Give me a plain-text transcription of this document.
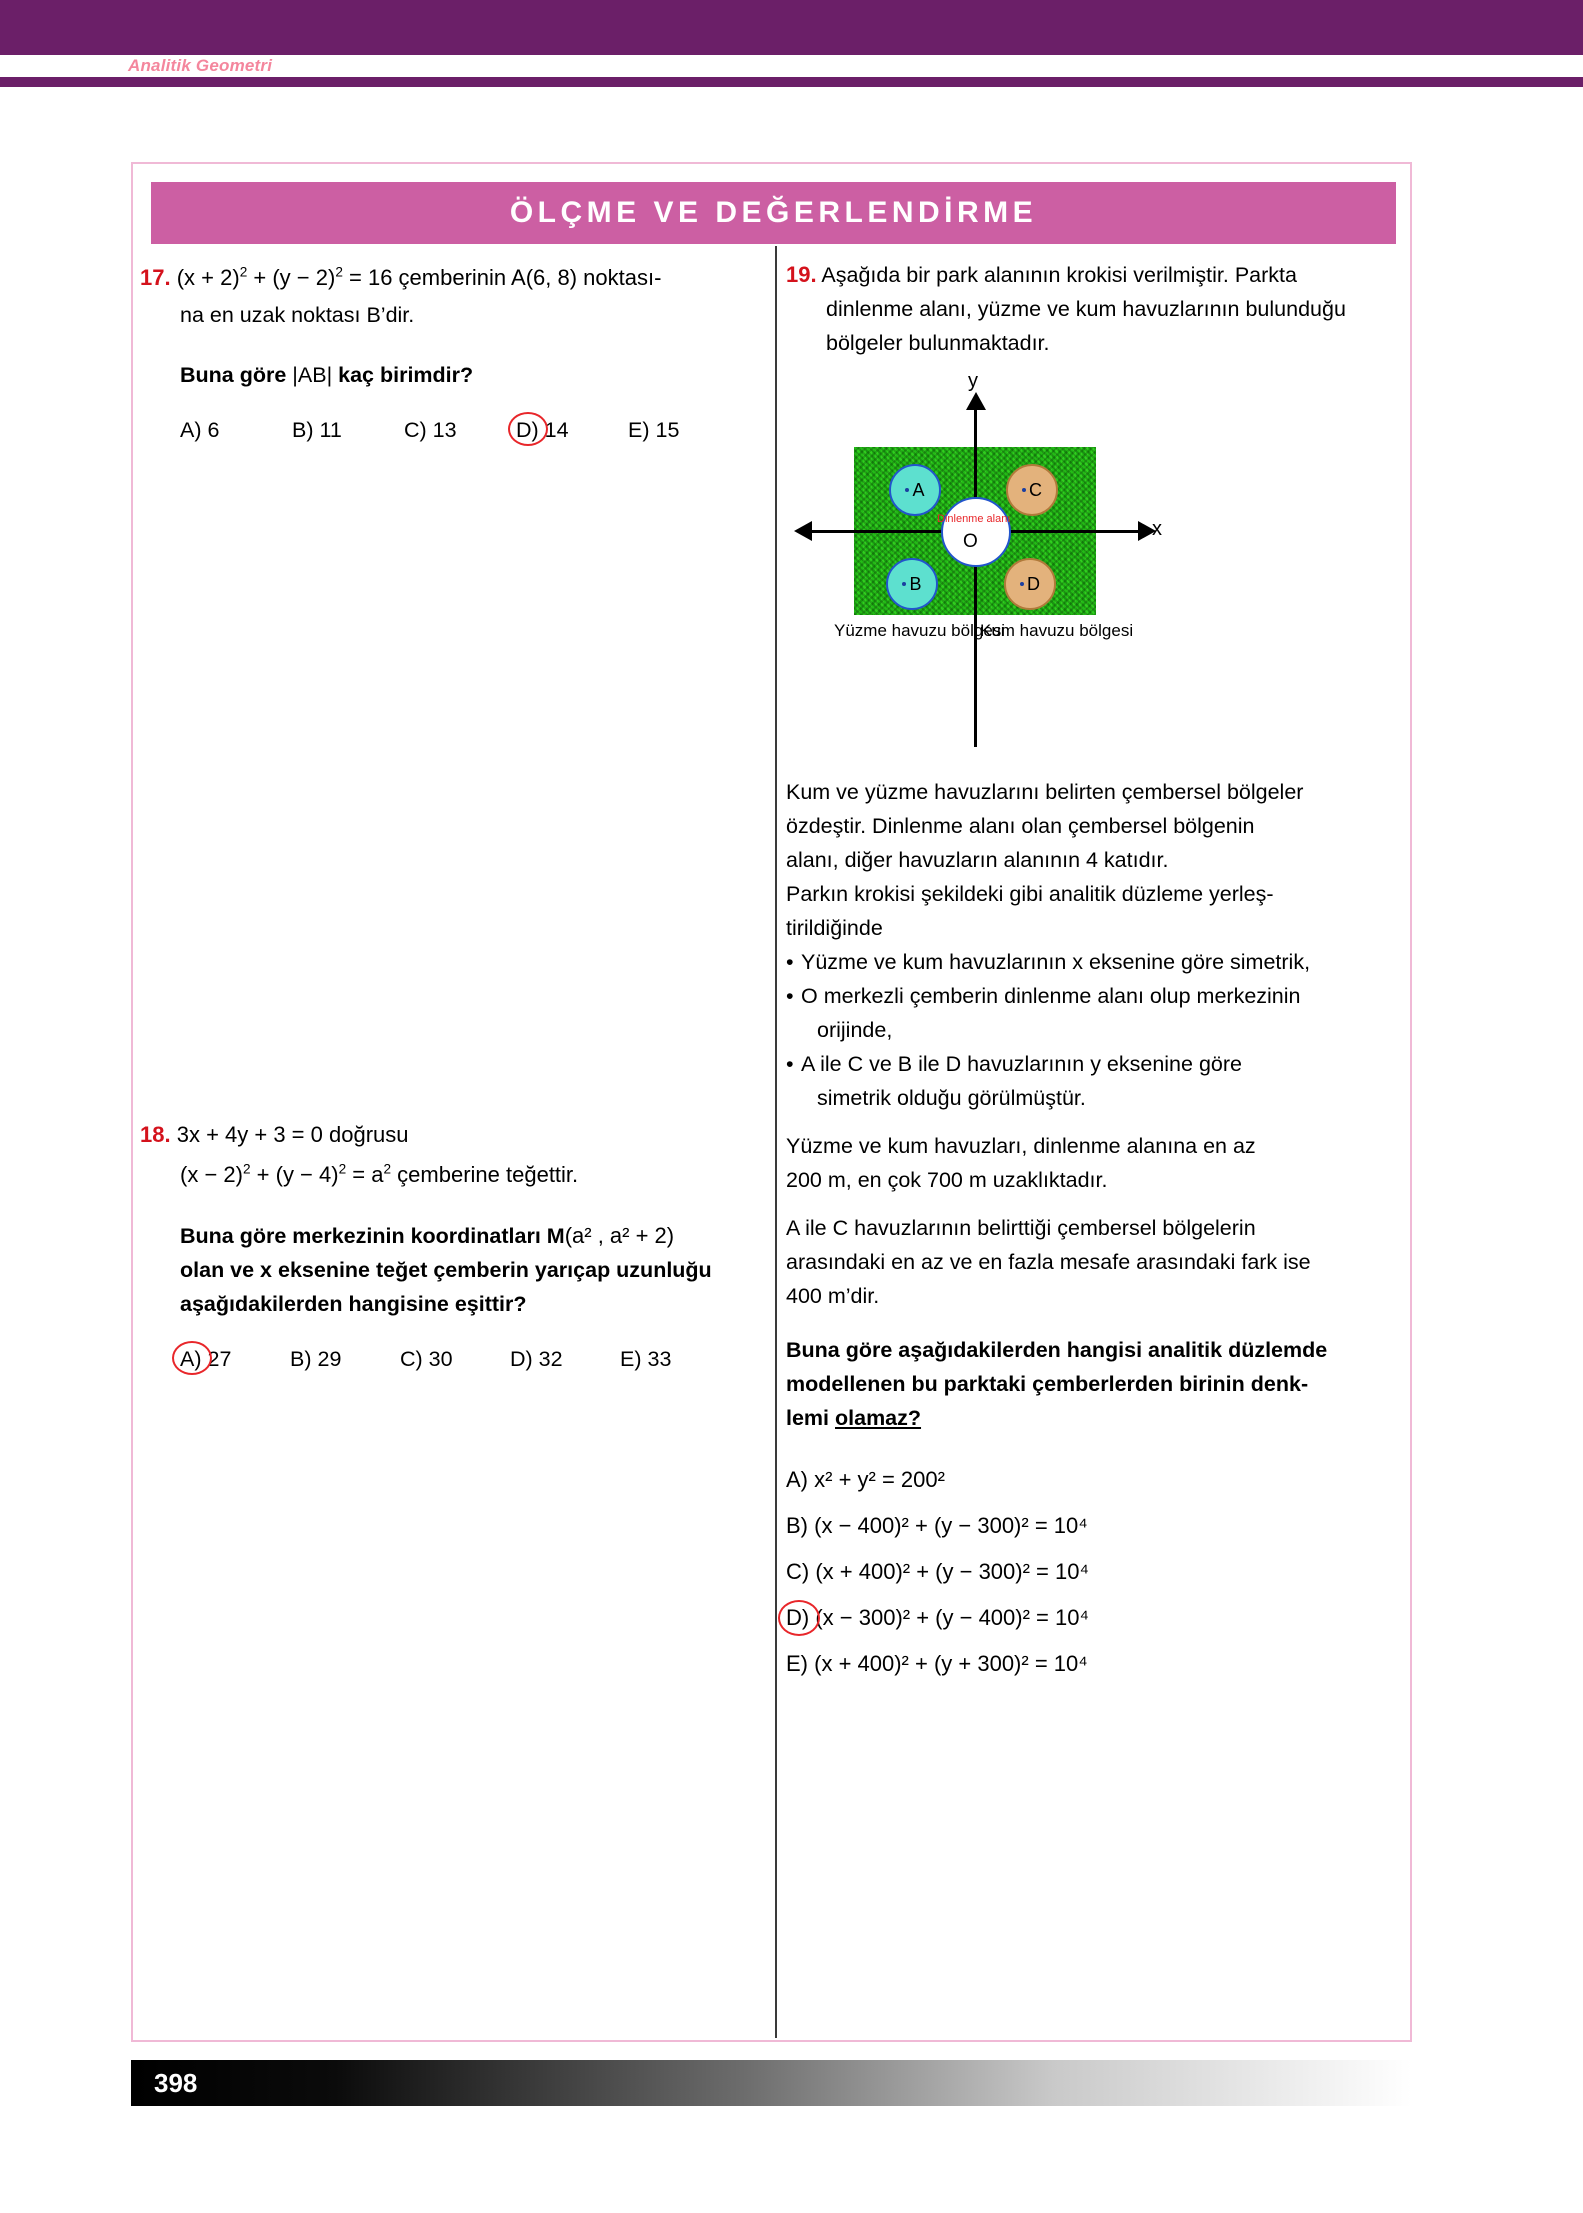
Analitik Geometri
ÖLÇME VE DEĞERLENDİRME
17. $(x + 2)^2 + (y - 2)^2 = 16$ çemberinin A(6, 8) noktası-
na en uzak noktası B’dir.
Buna göre |AB| kaç birimdir?
A) 6	B) 11	C) 13	D) 14	E) 15
18. 3x + 4y + 3 = 0 doğrusu
$(x - 2)^2 + (y - 4)^2 = a^2$ çemberine teğettir.
Buna göre merkezinin koordinatları M(a² , a² + 2)
olan ve x eksenine teğet çemberin yarıçap uzunluğu
aşağıdakilerden hangisine eşittir?
A) 27	B) 29	C) 30	D) 32	E) 33
19. Aşağıda bir park alanının krokisi verilmiştir. Parkta
dinlenme alanı, yüzme ve kum havuzlarının bulunduğu
bölgeler bulunmaktadır.
x
y
A
B
C
D
Dinlenme alanı
O
Yüzme havuzu bölgesi
Kum havuzu bölgesi
Kum ve yüzme havuzlarını belirten çembersel bölgeler
özdeştir. Dinlenme alanı olan çembersel bölgenin
alanı, diğer havuzların alanının 4 katıdır.
Parkın krokisi şekildeki gibi analitik düzleme yerleş-
tirildiğinde
• Yüzme ve kum havuzlarının x eksenine göre simetrik,
• O merkezli çemberin dinlenme alanı olup merkezinin
orijinde,
• A ile C ve B ile D havuzlarının y eksenine göre
simetrik olduğu görülmüştür.
Yüzme ve kum havuzları, dinlenme alanına en az
200 m, en çok 700 m uzaklıktadır.
A ile C havuzlarının belirttiği çembersel bölgelerin
arasındaki en az ve en fazla mesafe arasındaki fark ise
400 m’dir.
Buna göre aşağıdakilerden hangisi analitik düzlemde
modellenen bu parktaki çemberlerden birinin denk-
lemi olamaz?
A) x² + y² = 200²
B) (x − 400)² + (y − 300)² = 10⁴
C) (x + 400)² + (y − 300)² = 10⁴
D) (x − 300)² + (y − 400)² = 10⁴
E) (x + 400)² + (y + 300)² = 10⁴
398
